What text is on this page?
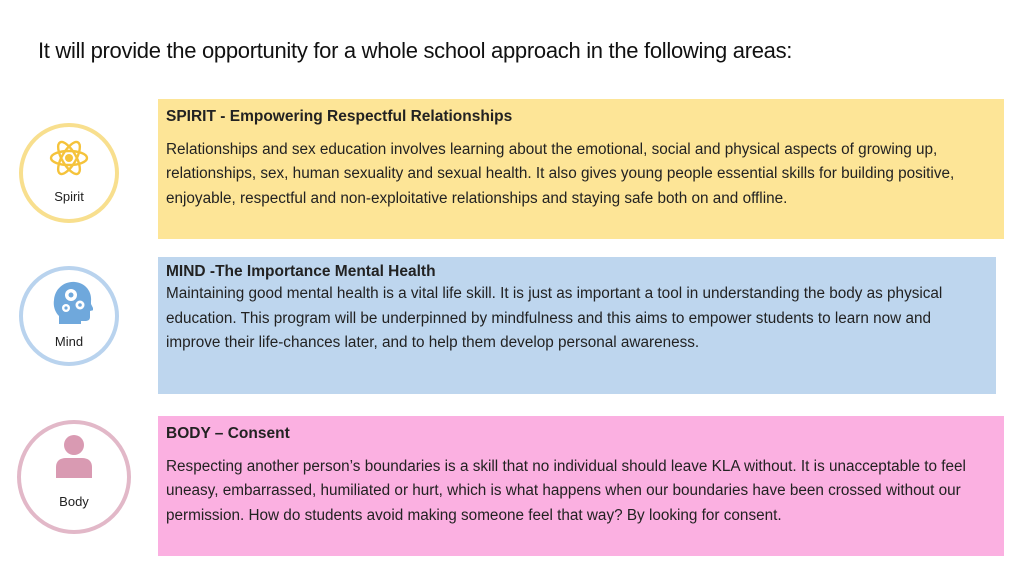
It will provide the opportunity for a whole school approach in the following areas:
Spirit
SPIRIT - Empowering Respectful Relationships
Relationships and sex education involves learning about the emotional, social and physical aspects of growing up, relationships, sex, human sexuality and sexual health. It also gives young people essential skills for building positive, enjoyable, respectful and non-exploitative relationships and staying safe both on and offline.
Mind
MIND -The Importance Mental Health
Maintaining good mental health is a vital life skill. It is just as important a tool in understanding the body as physical education. This program will be underpinned by mindfulness and this aims to empower students to learn now and improve their life-chances later, and to help them develop personal awareness.
Body
BODY – Consent
Respecting another person’s boundaries is a skill that no individual should leave KLA without. It is unacceptable to feel uneasy, embarrassed, humiliated or hurt, which is what happens when our boundaries have been crossed without our permission. How do students avoid making someone feel that way? By looking for consent.
